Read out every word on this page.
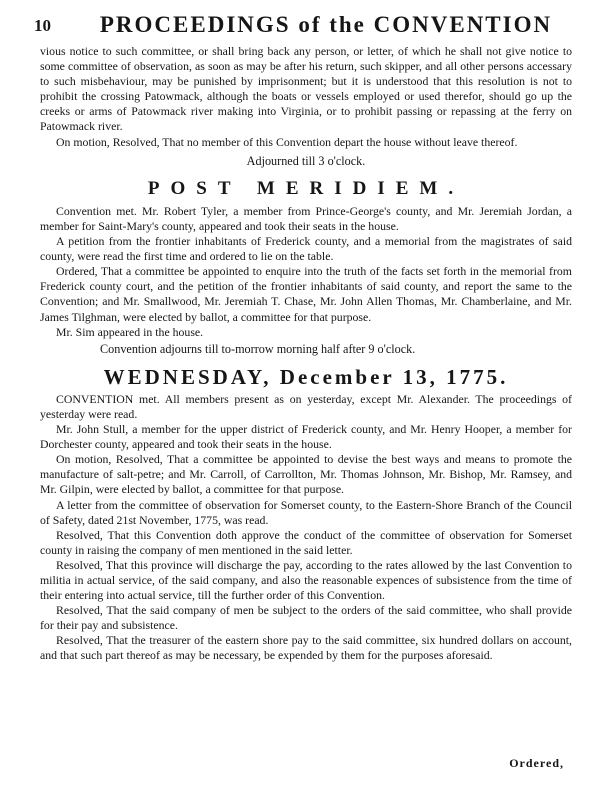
10	PROCEEDINGS of the CONVENTION

vious notice to such committee, or shall bring back any person, or letter, of which he shall not give notice to some committee of observation, as soon as may be after his return, such skipper, and all other persons accessary to such misbehaviour, may be punished by imprisonment; but it is understood that this resolution is not to prohibit the crossing Patowmack, although the boats or vessels employed or used therefor, should go up the creeks or arms of Patowmack river making into Virginia, or to prohibit passing or repassing at the ferry on Patowmack river.

On motion, Resolved, That no member of this Convention depart the house without leave thereof.

Adjourned till 3 o'clock.

POST MERIDIEM.

Convention met. Mr. Robert Tyler, a member from Prince-George's county, and Mr. Jeremiah Jordan, a member for Saint-Mary's county, appeared and took their seats in the house.

A petition from the frontier inhabitants of Frederick county, and a memorial from the magistrates of said county, were read the first time and ordered to lie on the table.

Ordered, That a committee be appointed to enquire into the truth of the facts set forth in the memorial from Frederick county court, and the petition of the frontier inhabitants of said county, and report the same to the Convention; and Mr. Smallwood, Mr. Jeremiah T. Chase, Mr. John Allen Thomas, Mr. Chamberlaine, and Mr. James Tilghman, were elected by ballot, a committee for that purpose.

Mr. Sim appeared in the house.

Convention adjourns till to-morrow morning half after 9 o'clock.

WEDNESDAY, December 13, 1775.

CONVENTION met. All members present as on yesterday, except Mr. Alexander. The proceedings of yesterday were read.

Mr. John Stull, a member for the upper district of Frederick county, and Mr. Henry Hooper, a member for Dorchester county, appeared and took their seats in the house.

On motion, Resolved, That a committee be appointed to devise the best ways and means to promote the manufacture of salt-petre; and Mr. Carroll, of Carrollton, Mr. Thomas Johnson, Mr. Bishop, Mr. Ramsey, and Mr. Gilpin, were elected by ballot, a committee for that purpose.

A letter from the committee of observation for Somerset county, to the Eastern-Shore Branch of the Council of Safety, dated 21st November, 1775, was read.

Resolved, That this Convention doth approve the conduct of the committee of observation for Somerset county in raising the company of men mentioned in the said letter.

Resolved, That this province will discharge the pay, according to the rates allowed by the last Convention to militia in actual service, of the said company, and also the reasonable expences of subsistence from the time of their entering into actual service, till the further order of this Convention.

Resolved, That the said company of men be subject to the orders of the said committee, who shall provide for their pay and subsistence.

Resolved, That the treasurer of the eastern shore pay to the said committee, six hundred dollars on account, and that such part thereof as may be necessary, be expended by them for the purposes aforesaid.

Ordered,
